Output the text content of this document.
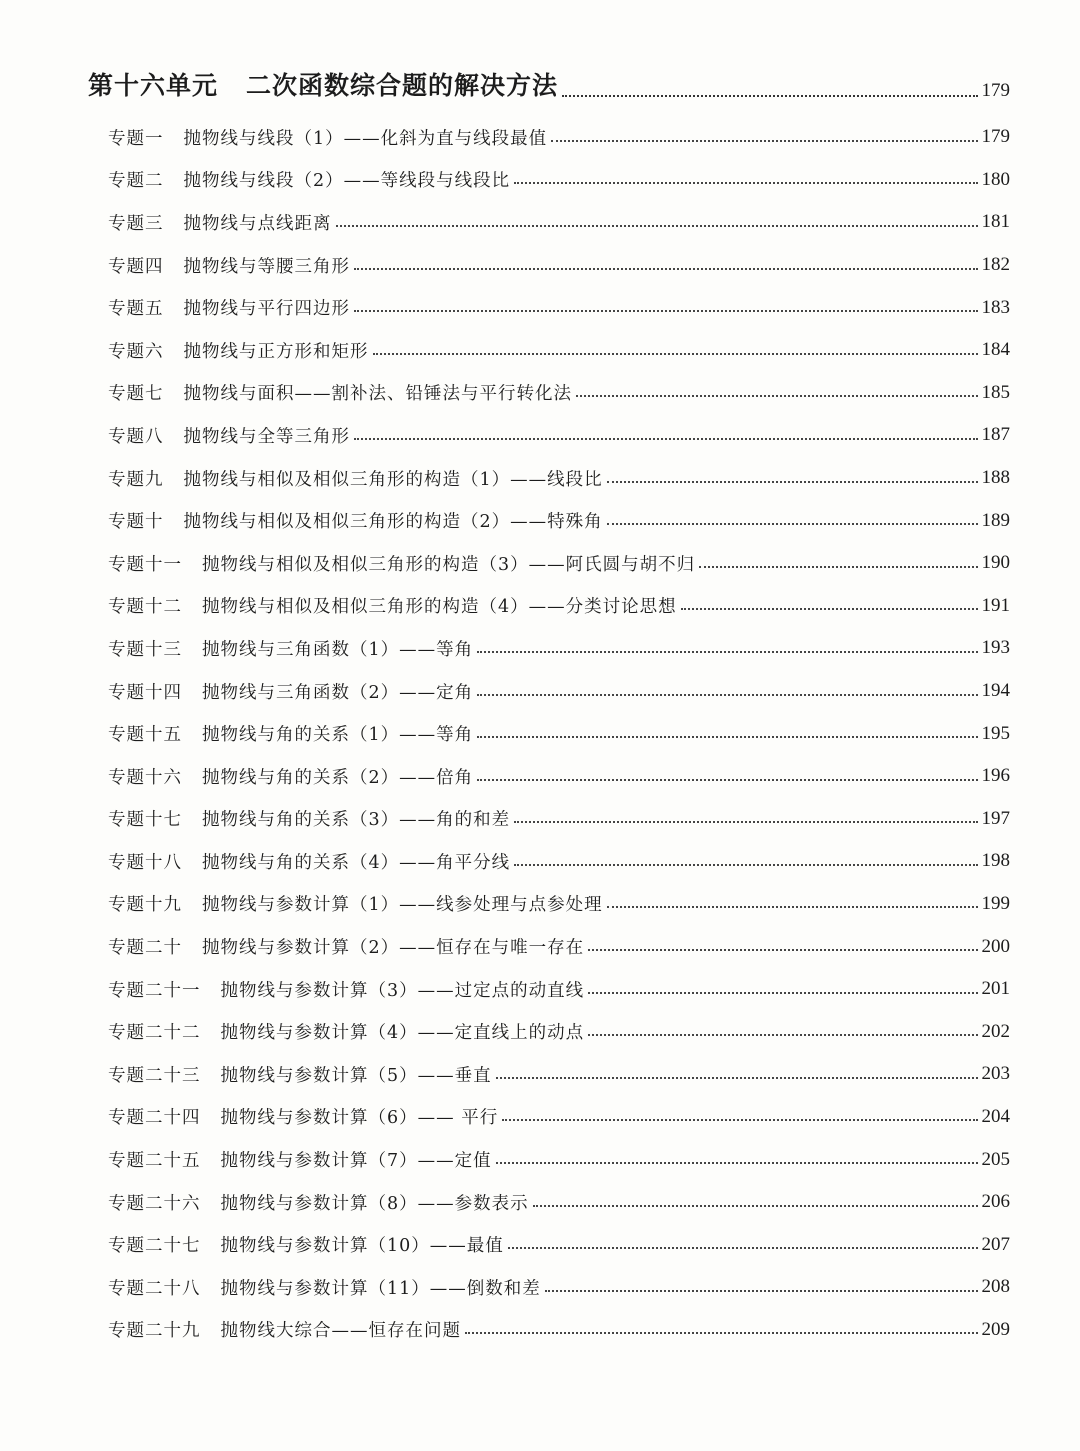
第十六单元 二次函数综合题的解决方法	179
专题一 抛物线与线段（1）——化斜为直与线段最值	179
专题二 抛物线与线段（2）——等线段与线段比	180
专题三 抛物线与点线距离	181
专题四 抛物线与等腰三角形	182
专题五 抛物线与平行四边形	183
专题六 抛物线与正方形和矩形	184
专题七 抛物线与面积——割补法、铅锤法与平行转化法	185
专题八 抛物线与全等三角形	187
专题九 抛物线与相似及相似三角形的构造（1）——线段比	188
专题十 抛物线与相似及相似三角形的构造（2）——特殊角	189
专题十一 抛物线与相似及相似三角形的构造（3）——阿氏圆与胡不归	190
专题十二 抛物线与相似及相似三角形的构造（4）——分类讨论思想	191
专题十三 抛物线与三角函数（1）——等角	193
专题十四 抛物线与三角函数（2）——定角	194
专题十五 抛物线与角的关系（1）——等角	195
专题十六 抛物线与角的关系（2）——倍角	196
专题十七 抛物线与角的关系（3）——角的和差	197
专题十八 抛物线与角的关系（4）——角平分线	198
专题十九 抛物线与参数计算（1）——线参处理与点参处理	199
专题二十 抛物线与参数计算（2）——恒存在与唯一存在	200
专题二十一 抛物线与参数计算（3）——过定点的动直线	201
专题二十二 抛物线与参数计算（4）——定直线上的动点	202
专题二十三 抛物线与参数计算（5）——垂直	203
专题二十四 抛物线与参数计算（6）—— 平行	204
专题二十五 抛物线与参数计算（7）——定值	205
专题二十六 抛物线与参数计算（8）——参数表示	206
专题二十七 抛物线与参数计算（10）——最值	207
专题二十八 抛物线与参数计算（11）——倒数和差	208
专题二十九 抛物线大综合——恒存在问题	209
